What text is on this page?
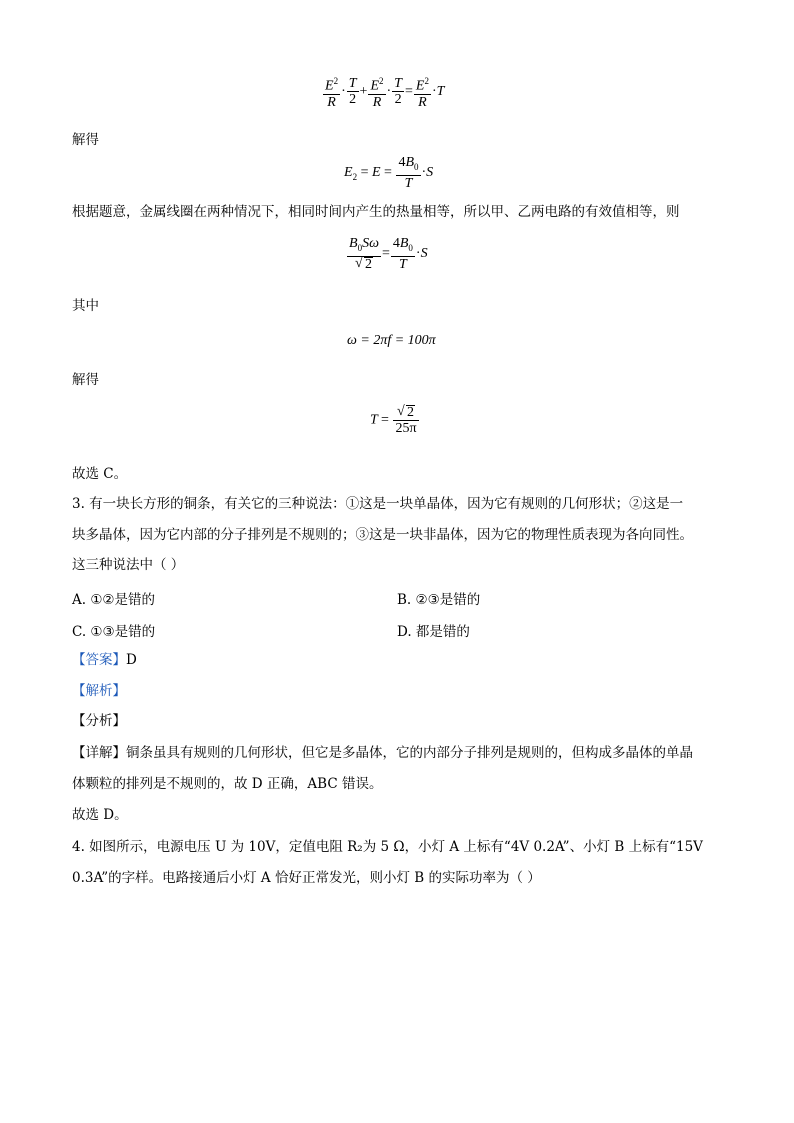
$\frac{E^2}{R} \cdot \frac{T}{2} + \frac{E^2}{R} \cdot \frac{T}{2} = \frac{E^2}{R} \cdot T$
解得
$E_2 = E = \frac{4B_0}{T} \cdot S$
根据题意，金属线圈在两种情况下，相同时间内产生的热量相等，所以甲、乙两电路的有效值相等，则
$B_0S\omega$
√ $2 = \frac{4B_0}{T} \cdot S$
其中
ω = 2πf = 100π
解得
T =
√ $\frac{2}{25\pi}$
故选 C。
3. 有一块长方形的铜条，有关它的三种说法：①这是一块单晶体，因为它有规则的几何形状；②这是一
块多晶体，因为它内部的分子排列是不规则的；③这是一块非晶体，因为它的物理性质表现为各向同性。
这三种说法中（ ）
A. ①②是错的	B. ②③是错的
C. ①③是错的	D. 都是错的
【答案】D
【解析】
【分析】
【详解】铜条虽具有规则的几何形状，但它是多晶体，它的内部分子排列是规则的，但构成多晶体的单晶
体颗粒的排列是不规则的，故 D 正确，ABC 错误。
故选 D。
4. 如图所示，电源电压 U 为 10V，定值电阻 R₂为 5 Ω，小灯 A 上标有“4V 0.2A”、小灯 B 上标有“15V
0.3A”的字样。电路接通后小灯 A 恰好正常发光，则小灯 B 的实际功率为（ ）
